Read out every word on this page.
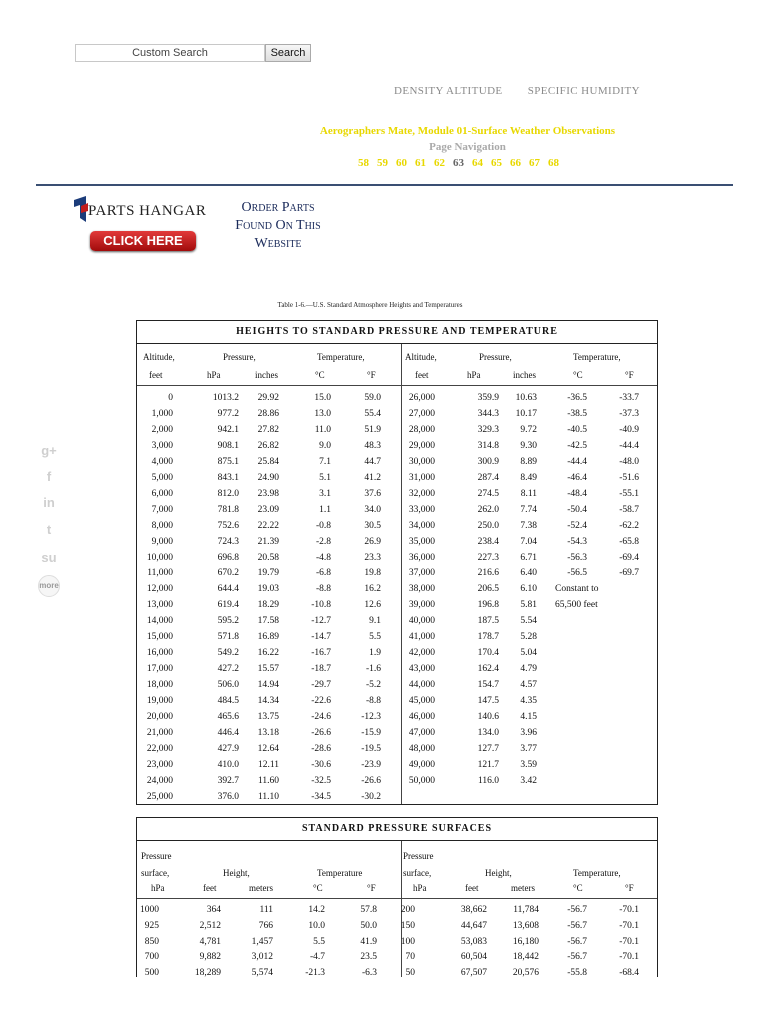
Custom Search	Search
DENSITY ALTITUDE SPECIFIC HUMIDITY
Aerographers Mate, Module 01-Surface Weather Observations
Page Navigation
58 59 60 61 62 63 64 65 66 67 68
PARTS HANGAR
CLICK HERE
Order Parts
Found On This
Website
g+
f
in
t
su
more
Table 1-6.—U.S. Standard Atmosphere Heights and Temperatures
HEIGHTS TO STANDARD PRESSURE AND TEMPERATURE
Altitude,	Pressure,	Temperature,
feet	hPa	inches	°C	°F
Altitude,	Pressure,	Temperature,
feet	hPa	inches	°C	°F
0	1013.2 29.92	15.0	59.0
1,000	977.2 28.86	13.0	55.4
2,000	942.1 27.82	11.0	51.9
3,000	908.1 26.82	9.0	48.3
4,000	875.1 25.84	7.1	44.7
5,000	843.1 24.90	5.1	41.2
6,000	812.0 23.98	3.1	37.6
7,000	781.8 23.09	1.1	34.0
8,000	752.6 22.22	-0.8	30.5
9,000	724.3 21.39	-2.8	26.9
10,000	696.8 20.58	-4.8	23.3
11,000	670.2 19.79	-6.8	19.8
12,000	644.4 19.03	-8.8	16.2
13,000	619.4 18.29	-10.8	12.6
14,000	595.2 17.58	-12.7	9.1
15,000	571.8 16.89	-14.7	5.5
16,000	549.2 16.22	-16.7	1.9
17,000	427.2 15.57	-18.7	-1.6
18,000	506.0 14.94	-29.7	-5.2
19,000	484.5 14.34	-22.6	-8.8
20,000	465.6 13.75	-24.6	-12.3
21,000	446.4 13.18	-26.6	-15.9
22,000	427.9 12.64	-28.6	-19.5
23,000	410.0 12.11	-30.6	-23.9
24,000	392.7 11.60	-32.5	-26.6
25,000	376.0 11.10	-34.5	-30.2
26,000	359.9 10.63	-36.5	-33.7
27,000	344.3 10.17	-38.5	-37.3
28,000	329.3 9.72	-40.5	-40.9
29,000	314.8 9.30	-42.5	-44.4
30,000	300.9 8.89	-44.4	-48.0
31,000	287.4 8.49	-46.4	-51.6
32,000	274.5 8.11	-48.4	-55.1
33,000	262.0 7.74	-50.4	-58.7
34,000	250.0 7.38	-52.4	-62.2
35,000	238.4 7.04	-54.3	-65.8
36,000	227.3 6.71	-56.3	-69.4
37,000	216.6 6.40	-56.5	-69.7
38,000	206.5 6.10 Constant to
39,000	196.8 5.81 65,500 feet
40,000	187.5 5.54
41,000	178.7 5.28
42,000	170.4 5.04
43,000	162.4 4.79
44,000	154.7 4.57
45,000	147.5 4.35
46,000	140.6 4.15
47,000	134.0 3.96
48,000	127.7 3.77
49,000	121.7 3.59
50,000	116.0 3.42
STANDARD PRESSURE SURFACES
Pressure
surface,
hPa
Height,
feet	meters
Temperature
°C	°F
Pressure
surface,
hPa
Height,
feet	meters
Temperature,
°C	°F
1000	364	111	14.2	57.8
925	2,512	766	10.0	50.0
850	4,781	1,457	5.5	41.9
700	9,882	3,012	-4.7	23.5
500	18,289	5,574	-21.3	-6.3
200	38,662	11,784	-56.7	-70.1
150	44,647	13,608	-56.7	-70.1
100	53,083	16,180	-56.7	-70.1
70	60,504	18,442	-56.7	-70.1
50	67,507	20,576	-55.8	-68.4
